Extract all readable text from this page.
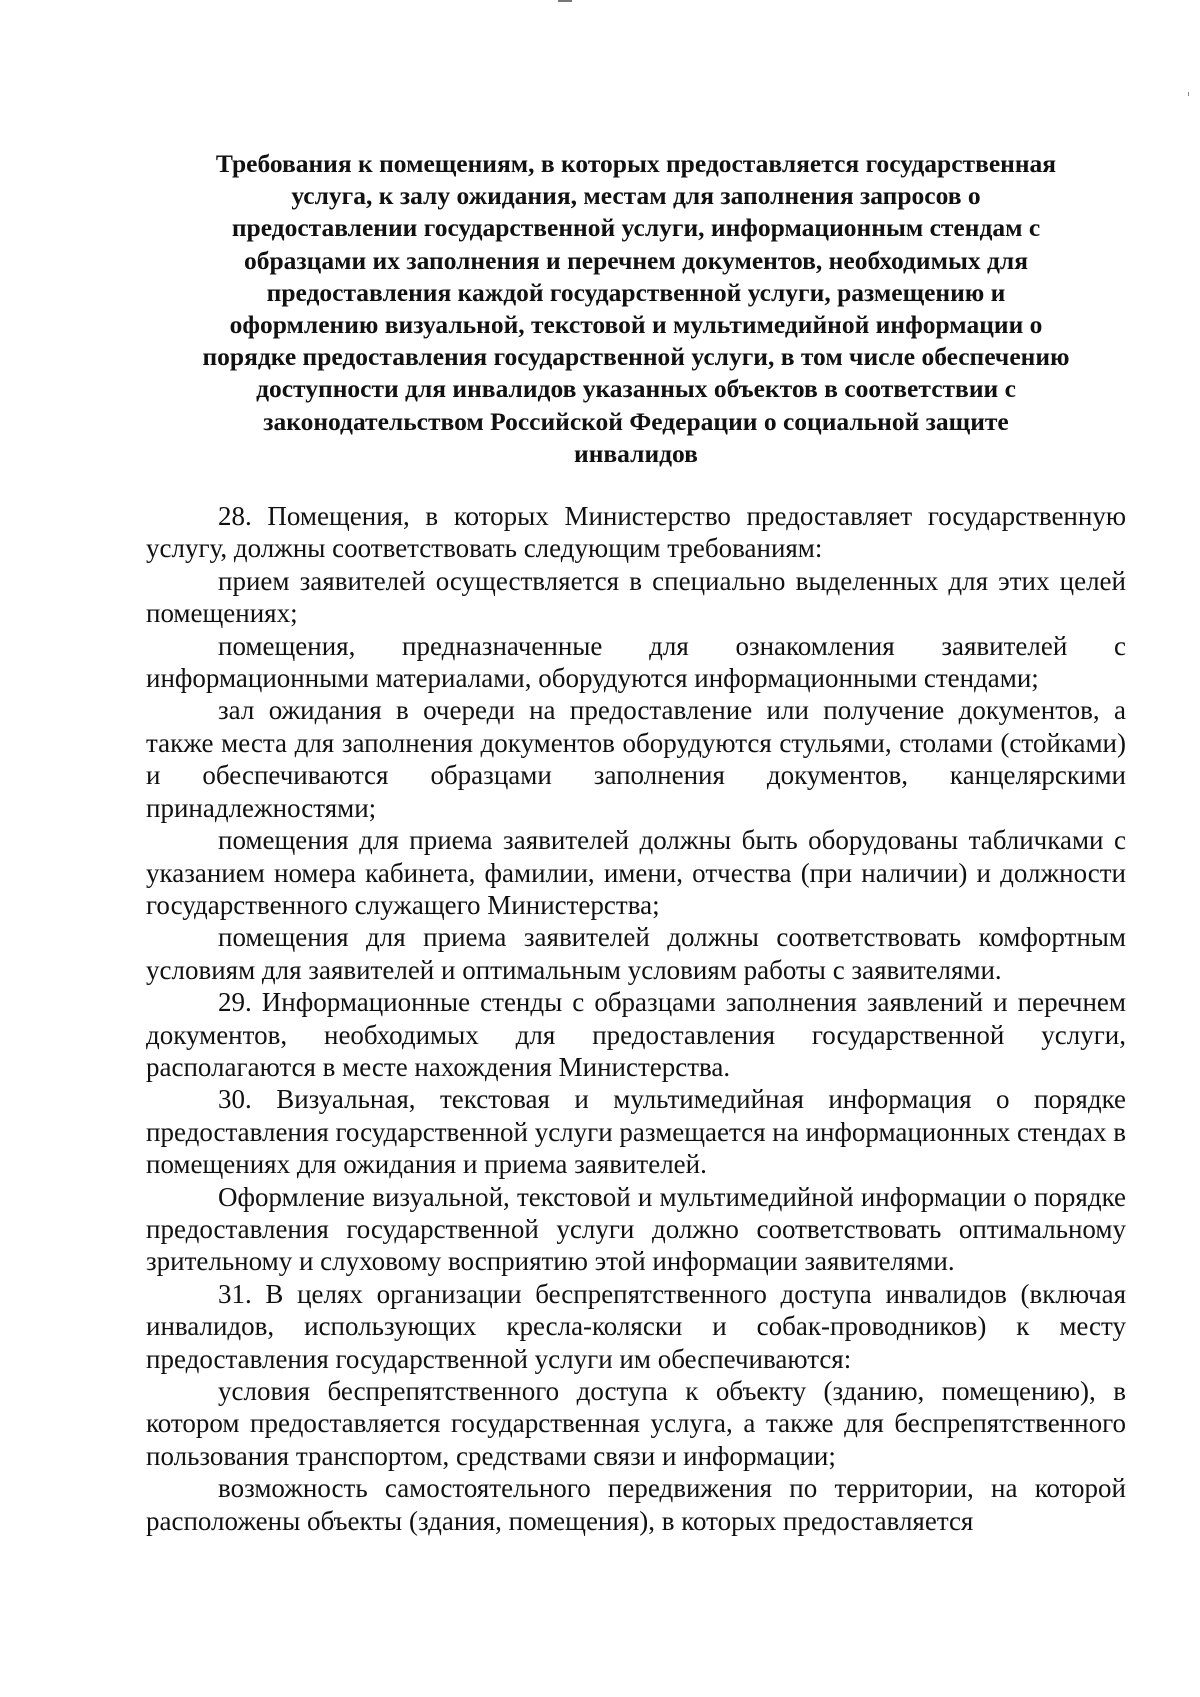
Требования к помещениям, в которых предоставляется государственная
услуга, к залу ожидания, местам для заполнения запросов о
предоставлении государственной услуги, информационным стендам с
образцами их заполнения и перечнем документов, необходимых для
предоставления каждой государственной услуги, размещению и
оформлению визуальной, текстовой и мультимедийной информации о
порядке предоставления государственной услуги, в том числе обеспечению
доступности для инвалидов указанных объектов в соответствии с
законодательством Российской Федерации о социальной защите
инвалидов

28. Помещения, в которых Министерство предоставляет государственную услугу, должны соответствовать следующим требованиям:

прием заявителей осуществляется в специально выделенных для этих целей помещениях;

помещения, предназначенные для ознакомления заявителей с информационными материалами, оборудуются информационными стендами;

зал ожидания в очереди на предоставление или получение документов, а также места для заполнения документов оборудуются стульями, столами (стойками) и обеспечиваются образцами заполнения документов, канцелярскими принадлежностями;

помещения для приема заявителей должны быть оборудованы табличками с указанием номера кабинета, фамилии, имени, отчества (при наличии) и должности государственного служащего Министерства;

помещения для приема заявителей должны соответствовать комфортным условиям для заявителей и оптимальным условиям работы с заявителями.

29. Информационные стенды с образцами заполнения заявлений и перечнем документов, необходимых для предоставления государственной услуги, располагаются в месте нахождения Министерства.

30. Визуальная, текстовая и мультимедийная информация о порядке предоставления государственной услуги размещается на информационных стендах в помещениях для ожидания и приема заявителей.

Оформление визуальной, текстовой и мультимедийной информации о порядке предоставления государственной услуги должно соответствовать оптимальному зрительному и слуховому восприятию этой информации заявителями.

31. В целях организации беспрепятственного доступа инвалидов (включая инвалидов, использующих кресла-коляски и собак-проводников) к месту предоставления государственной услуги им обеспечиваются:

условия беспрепятственного доступа к объекту (зданию, помещению), в котором предоставляется государственная услуга, а также для беспрепятственного пользования транспортом, средствами связи и информации;

возможность самостоятельного передвижения по территории, на которой расположены объекты (здания, помещения), в которых предоставляется
